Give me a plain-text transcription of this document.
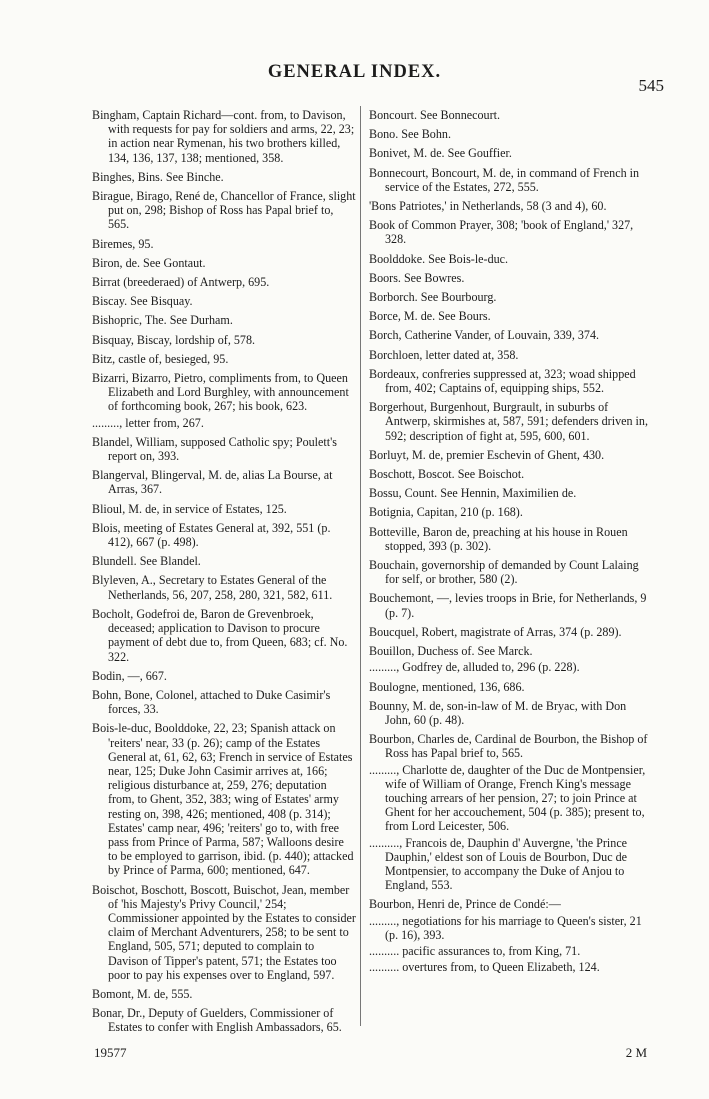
GENERAL INDEX.

545

Bingham, Captain Richard—cont. from, to Davison, with requests for pay for soldiers and arms, 22, 23; in action near Rymenan, his two brothers killed, 134, 136, 137, 138; mentioned, 358.

Binghes, Bins. See Binche.

Birague, Birago, René de, Chancellor of France, slight put on, 298; Bishop of Ross has Papal brief to, 565.

Biremes, 95.

Biron, de. See Gontaut.

Birrat (breederaed) of Antwerp, 695.

Biscay. See Bisquay.

Bishopric, The. See Durham.

Bisquay, Biscay, lordship of, 578.

Bitz, castle of, besieged, 95.

Bizarri, Bizarro, Pietro, compliments from, to Queen Elizabeth and Lord Burghley, with announcement of forthcoming book, 267; his book, 623.

........., letter from, 267.

Blandel, William, supposed Catholic spy; Poulett's report on, 393.

Blangerval, Blingerval, M. de, alias La Bourse, at Arras, 367.

Blioul, M. de, in service of Estates, 125.

Blois, meeting of Estates General at, 392, 551 (p. 412), 667 (p. 498).

Blundell. See Blandel.

Blyleven, A., Secretary to Estates General of the Netherlands, 56, 207, 258, 280, 321, 582, 611.

Bocholt, Godefroi de, Baron de Grevenbroek, deceased; application to Davison to procure payment of debt due to, from Queen, 683; cf. No. 322.

Bodin, —, 667.

Bohn, Bone, Colonel, attached to Duke Casimir's forces, 33.

Bois-le-duc, Boolddoke, 22, 23; Spanish attack on 'reiters' near, 33 (p. 26); camp of the Estates General at, 61, 62, 63; French in service of Estates near, 125; Duke John Casimir arrives at, 166; religious disturbance at, 259, 276; deputation from, to Ghent, 352, 383; wing of Estates' army resting on, 398, 426; mentioned, 408 (p. 314); Estates' camp near, 496; 'reiters' go to, with free pass from Prince of Parma, 587; Walloons desire to be employed to garrison, ibid. (p. 440); attacked by Prince of Parma, 600; mentioned, 647.

Boischot, Boschott, Boscott, Buischot, Jean, member of 'his Majesty's Privy Council,' 254; Commissioner appointed by the Estates to consider claim of Merchant Adventurers, 258; to be sent to England, 505, 571; deputed to complain to Davison of Tipper's patent, 571; the Estates too poor to pay his expenses over to England, 597.

Bomont, M. de, 555.

Bonar, Dr., Deputy of Guelders, Commissioner of Estates to confer with English Ambassadors, 65.

Boncourt. See Bonnecourt.

Bono. See Bohn.

Bonivet, M. de. See Gouffier.

Bonnecourt, Boncourt, M. de, in command of French in service of the Estates, 272, 555.

'Bons Patriotes,' in Netherlands, 58 (3 and 4), 60.

Book of Common Prayer, 308; 'book of England,' 327, 328.

Boolddoke. See Bois-le-duc.

Boors. See Bowres.

Borborch. See Bourbourg.

Borce, M. de. See Bours.

Borch, Catherine Vander, of Louvain, 339, 374.

Borchloen, letter dated at, 358.

Bordeaux, confreries suppressed at, 323; woad shipped from, 402; Captains of, equipping ships, 552.

Borgerhout, Burgenhout, Burgrault, in suburbs of Antwerp, skirmishes at, 587, 591; defenders driven in, 592; description of fight at, 595, 600, 601.

Borluyt, M. de, premier Eschevin of Ghent, 430.

Boschott, Boscot. See Boischot.

Bossu, Count. See Hennin, Maximilien de.

Botignia, Capitan, 210 (p. 168).

Botteville, Baron de, preaching at his house in Rouen stopped, 393 (p. 302).

Bouchain, governorship of demanded by Count Lalaing for self, or brother, 580 (2).

Bouchemont, —, levies troops in Brie, for Netherlands, 9 (p. 7).

Boucquel, Robert, magistrate of Arras, 374 (p. 289).

Bouillon, Duchess of. See Marck.

........., Godfrey de, alluded to, 296 (p. 228).

Boulogne, mentioned, 136, 686.

Bounny, M. de, son-in-law of M. de Bryac, with Don John, 60 (p. 48).

Bourbon, Charles de, Cardinal de Bourbon, the Bishop of Ross has Papal brief to, 565.

........., Charlotte de, daughter of the Duc de Montpensier, wife of William of Orange, French King's message touching arrears of her pension, 27; to join Prince at Ghent for her accouchement, 504 (p. 385); present to, from Lord Leicester, 506.

.........., Francois de, Dauphin d' Auvergne, 'the Prince Dauphin,' eldest son of Louis de Bourbon, Duc de Montpensier, to accompany the Duke of Anjou to England, 553.

Bourbon, Henri de, Prince de Condé:—

........., negotiations for his marriage to Queen's sister, 21 (p. 16), 393.

.......... pacific assurances to, from King, 71.

.......... overtures from, to Queen Elizabeth, 124.

19577	2 M
